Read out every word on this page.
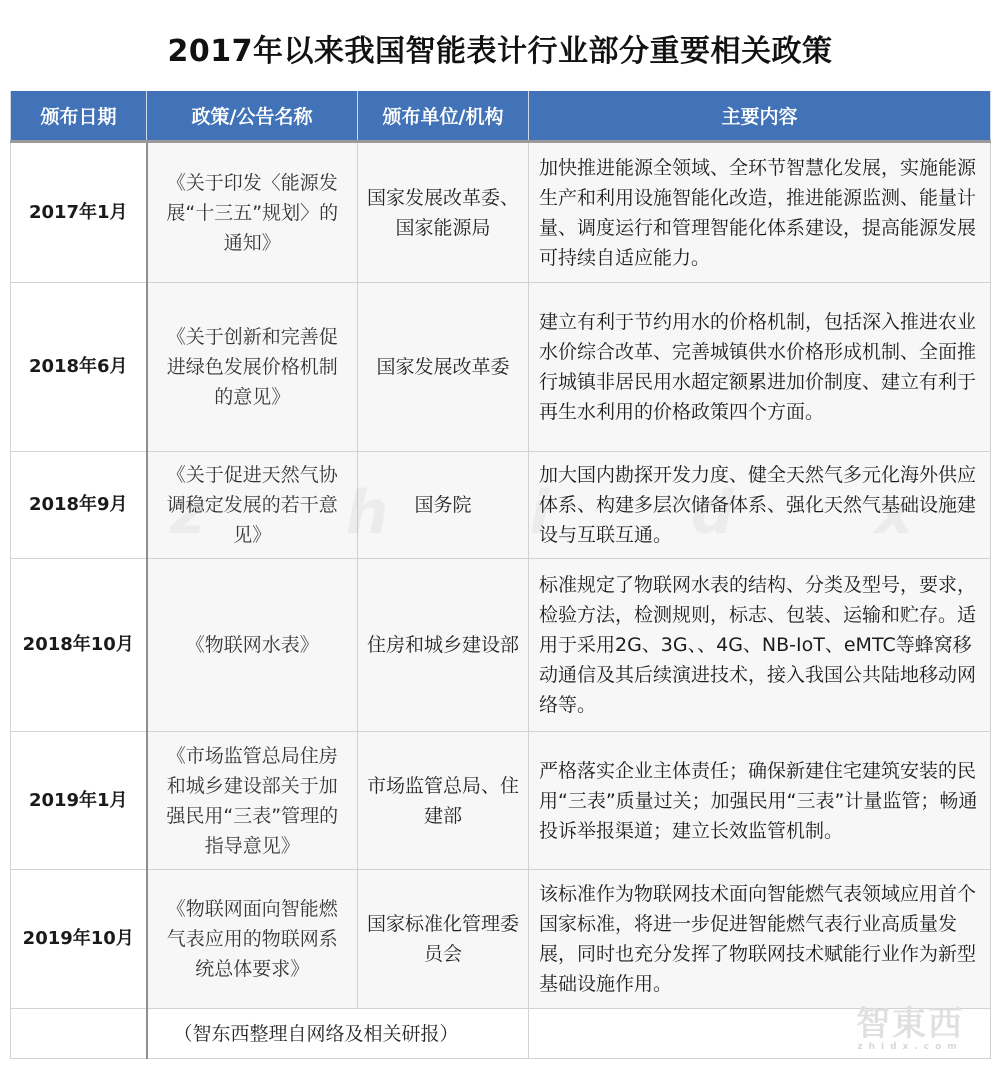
2017年以来我国智能表计行业部分重要相关政策
颁布日期	政策/公告名称	颁布单位/机构	主要内容
2017年1月	《关于印发〈能源发展“十三五”规划〉的通知》	国家发展改革委、国家能源局	加快推进能源全领域、全环节智慧化发展，实施能源生产和利用设施智能化改造，推进能源监测、能量计量、调度运行和管理智能化体系建设，提高能源发展可持续自适应能力。
2018年6月	《关于创新和完善促进绿色发展价格机制的意见》	国家发展改革委	建立有利于节约用水的价格机制，包括深入推进农业水价综合改革、完善城镇供水价格形成机制、全面推行城镇非居民用水超定额累进加价制度、建立有利于再生水利用的价格政策四个方面。
2018年9月	《关于促进天然气协调稳定发展的若干意见》	国务院	加大国内勘探开发力度、健全天然气多元化海外供应体系、构建多层次储备体系、强化天然气基础设施建设与互联互通。
2018年10月	《物联网水表》	住房和城乡建设部	标准规定了物联网水表的结构、分类及型号，要求，检验方法，检测规则，标志、包装、运输和贮存。适用于采用2G、3G、、4G、NB-IoT、eMTC等蜂窝移动通信及其后续演进技术，接入我国公共陆地移动网络等。
2019年1月	《市场监管总局住房和城乡建设部关于加强民用“三表”管理的指导意见》	市场监管总局、住建部	严格落实企业主体责任；确保新建住宅建筑安装的民用“三表”质量过关；加强民用“三表”计量监管；畅通投诉举报渠道；建立长效监管机制。
2019年10月	《物联网面向智能燃气表应用的物联网系统总体要求》	国家标准化管理委员会	该标准作为物联网技术面向智能燃气表领域应用首个国家标准，将进一步促进智能燃气表行业高质量发展，同时也充分发挥了物联网技术赋能行业作为新型基础设施作用。
	（智东西整理自网络及相关研报）		智東西
zhidx.com
